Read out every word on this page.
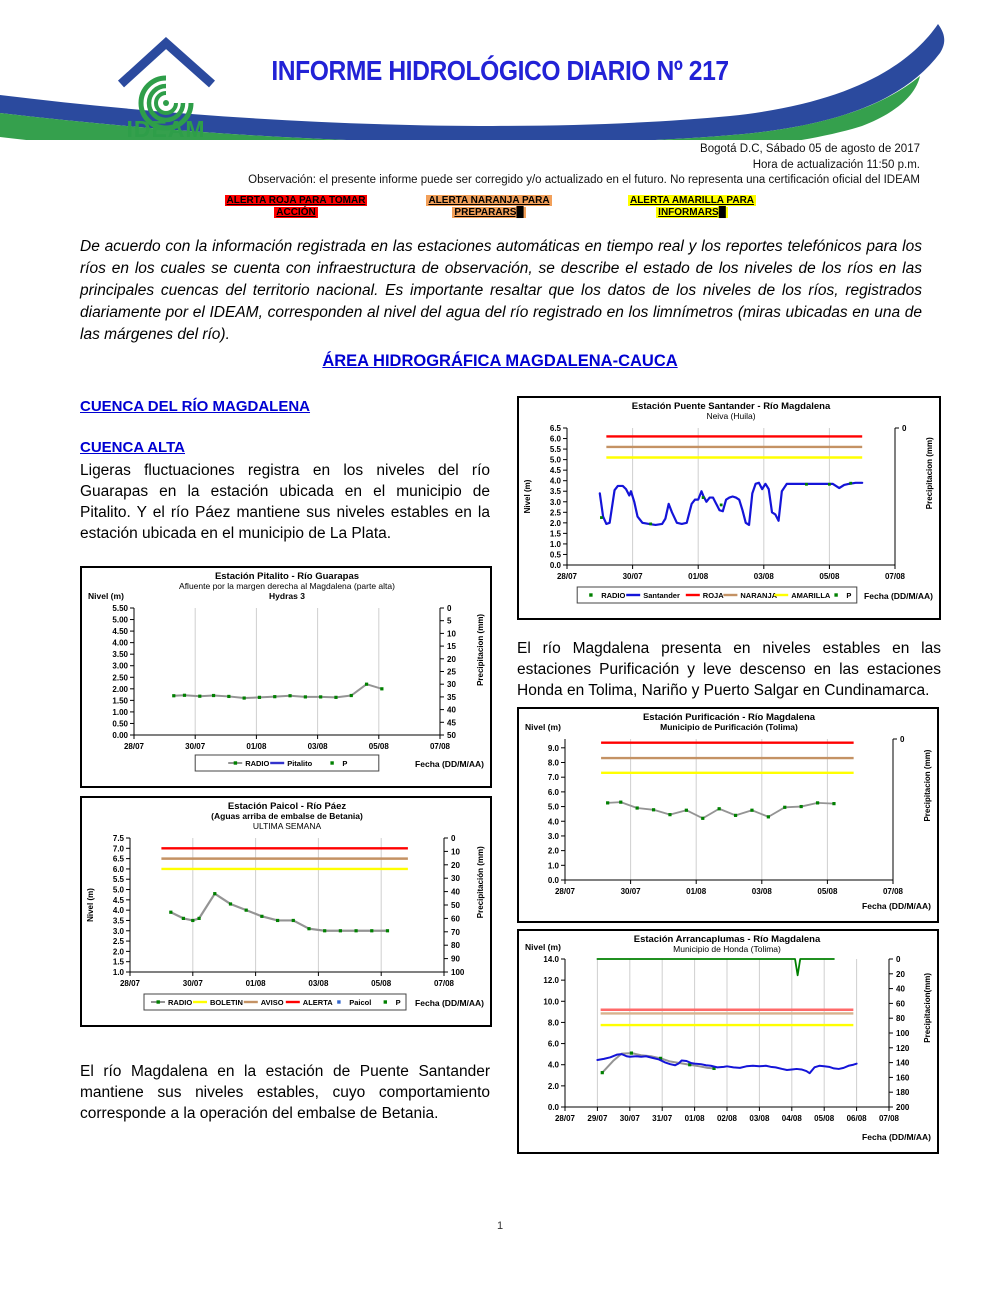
IDEAM
INFORME HIDROLÓGICO DIARIO Nº 217
Bogotá D.C, Sábado 05 de agosto de 2017
Hora de actualización 11:50 p.m.
Observación: el presente informe puede ser corregido y/o actualizado en el futuro. No representa una certificación oficial del IDEAM
ALERTA ROJA PARA TOMAR
ACCIÓN
ALERTA NARANJA PARA
PREPARARS█
ALERTA AMARILLA PARA
INFORMARS█

De acuerdo con la información registrada en las estaciones automáticas en tiempo real y los reportes telefónicos para los ríos en los cuales se cuenta con infraestructura de observación, se describe el estado de los niveles de los ríos en las principales cuencas del territorio nacional. Es importante resaltar que los datos de los niveles de los ríos, registrados diariamente por el IDEAM, corresponden al nivel del agua del río registrado en los limnímetros (miras ubicadas en una de las márgenes del río).

ÁREA HIDROGRÁFICA MAGDALENA-CAUCA
CUENCA DEL RÍO MAGDALENA
CUENCA ALTA

Ligeras fluctuaciones registra en los niveles del río Guarapas en la estación ubicada en el municipio de Pitalito. Y el río Páez mantiene sus niveles estables en la estación ubicada en el municipio de La Plata.

0.00
0.50
1.00
1.50
2.00
2.50
3.00
3.50
4.00
4.50
5.00
5.50	0
5
10
15
20
25
30
35
40
45
50
28/07	30/07	01/08	03/08	05/08	07/08
Estación Pitalito - Río Guarapas
Afluente por la margen derecha al Magdalena (parte alta)
Hydras 3
Nivel (m)
Precipitacion (mm)
Fecha (DD/M/AA)
RADIO Pitalito	P
1.0
1.5
2.0
2.5
3.0
3.5
4.0
4.5
5.0
5.5
6.0
6.5
7.0
7.5	0
10
20
30
40
50
60
70
80
90
100
28/07	30/07	01/08	03/08	05/08	07/08
Estación Paicol - Río Páez
(Aguas arriba de embalse de Betania)
ULTIMA SEMANA
Nivel (m)	Precipitación (mm)
Fecha (DD/M/AA)
RADIO BOLETIN AVISO	ALERTA Paicol	P

El río Magdalena en la estación de Puente Santander mantiene sus niveles estables, cuyo comportamiento corresponde a la operación del embalse de Betania.

0.0
0.5
1.0
1.5
2.0
2.5
3.0
3.5
4.0
4.5
5.0
5.5
6.0
6.5	0
28/07	30/07	01/08	03/08	05/08	07/08
Estación Puente Santander - Río Magdalena
Neiva (Huila)
Nivel (m)	Precipitacion (mm)
Fecha (DD/M/AA)
RADIO Santander	ROJA NARANJA AMARILLA P

El río Magdalena presenta en niveles estables en las estaciones Purificación y leve descenso en las estaciones Honda en Tolima, Nariño y Puerto Salgar en Cundinamarca.

0.0
1.0
2.0
3.0
4.0
5.0
6.0
7.0
8.0
9.0
0
28/07	30/07	01/08	03/08	05/08	07/08
Estación Purificación - Río Magdalena
Municipio de Purificación (Tolima)
Nivel (m)
Precipitacion (mm)
Fecha (DD/M/AA)
0.0
2.0
4.0
6.0
8.0
10.0
12.0
14.0	0
20
40
60
80
100
120
140
160
180
200
28/07 29/07 30/07 31/07 01/08 02/08 03/08 04/08 05/08 06/08 07/08
Estación Arrancaplumas - Río Magdalena
Municipio de Honda (Tolima)
Nivel (m)
Precipitacion(mm)
Fecha (DD/M/AA)
1
